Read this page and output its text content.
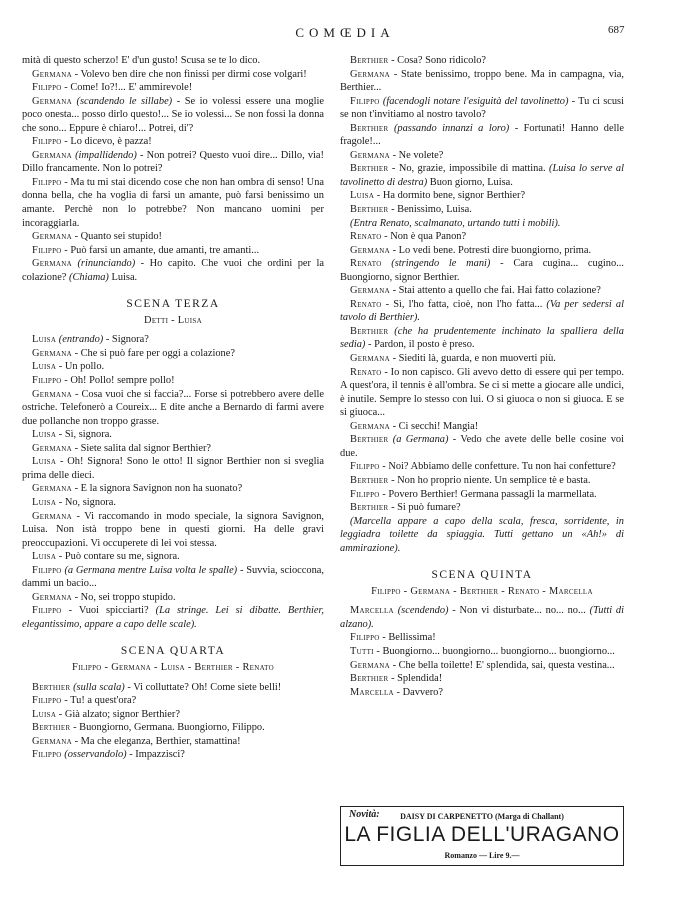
COMŒDIA	687

mità di questo scherzo! E' d'un gusto! Scusa se te lo dico.

Germana - Volevo ben dire che non finissi per dirmi cose volgari!

Filippo - Come! Io?!... E' ammirevole!

Germana (scandendo le sillabe) - Se io volessi essere una moglie poco onesta... posso dirlo questo!... Se io volessi... Se non fossi la donna che sono... Eppure è chiaro!... Potrei, di'?

Filippo - Lo dicevo, è pazza!

Germana (impallidendo) - Non potrei? Questo vuoi dire... Dillo, via! Dillo francamente. Non lo potrei?

Filippo - Ma tu mi stai dicendo cose che non han ombra di senso! Una donna bella, che ha voglia di farsi un amante, può farsi benissimo un amante. Perchè non lo potrebbe? Non mancano uomini per incoraggiarla.

Germana - Quanto sei stupido!

Filippo - Può farsi un amante, due amanti, tre amanti...

Germana (rinunciando) - Ho capito. Che vuoi che ordini per la colazione? (Chiama) Luisa.

SCENA TERZA
Detti - Luisa

Luisa (entrando) - Signora?

Germana - Che si può fare per oggi a colazione?

Luisa - Un pollo.

Filippo - Oh! Pollo! sempre pollo!

Germana - Cosa vuoi che si faccia?... Forse si potrebbero avere delle ostriche. Telefonerò a Coureix... E dite anche a Bernardo di farmi avere due pollanche non troppo grasse.

Luisa - Sì, signora.

Germana - Siete salita dal signor Berthier?

Luisa - Oh! Signora! Sono le otto! Il signor Berthier non si sveglia prima delle dieci.

Germana - E la signora Savignon non ha suonato?

Luisa - No, signora.

Germana - Vi raccomando in modo speciale, la signora Savignon, Luisa. Non istà troppo bene in questi giorni. Ha delle gravi preoccupazioni. Vi occuperete di lei voi stessa.

Luisa - Può contare su me, signora.

Filippo (a Germana mentre Luisa volta le spalle) - Suvvia, scioccona, dammi un bacio...

Germana - No, sei troppo stupido.

Filippo - Vuoi spicciarti? (La stringe. Lei si dibatte. Berthier, elegantissimo, appare a capo delle scale).

SCENA QUARTA
Filippo - Germana - Luisa - Berthier - Renato

Berthier (sulla scala) - Vi colluttate? Oh! Come siete belli!

Filippo - Tu! a quest'ora?

Luisa - Già alzato; signor Berthier?

Berthier - Buongiorno, Germana. Buongiorno, Filippo.

Germana - Ma che eleganza, Berthier, stamattina!

Filippo (osservandolo) - Impazzisci?

Berthier - Cosa? Sono ridicolo?

Germana - State benissimo, troppo bene. Ma in campagna, via, Berthier...

Filippo (facendogli notare l'esiguità del tavolinetto) - Tu ci scusi se non t'invitiamo al nostro tavolo?

Berthier (passando innanzi a loro) - Fortunati! Hanno delle fragole!...

Germana - Ne volete?

Berthier - No, grazie, impossibile di mattina. (Luisa lo serve al tavolinetto di destra) Buon giorno, Luisa.

Luisa - Ha dormito bene, signor Berthier?

Berthier - Benissimo, Luisa.

(Entra Renato, scalmanato, urtando tutti i mobili).

Renato - Non è qua Panon?

Germana - Lo vedi bene. Potresti dire buongiorno, prima.

Renato (stringendo le mani) - Cara cugina... cugino... Buongiorno, signor Berthier.

Germana - Stai attento a quello che fai. Hai fatto colazione?

Renato - Sì, l'ho fatta, cioè, non l'ho fatta... (Va per sedersi al tavolo di Berthier).

Berthier (che ha prudentemente inchinato la spalliera della sedia) - Pardon, il posto è preso.

Germana - Siediti là, guarda, e non muoverti più.

Renato - Io non capisco. Gli avevo detto di essere qui per tempo. A quest'ora, il tennis è all'ombra. Se ci si mette a giocare alle undici, è inutile. Sempre lo stesso con lui. O si giuoca o non si giuoca. E se si giuoca...

Germana - Ci secchi! Mangia!

Berthier (a Germana) - Vedo che avete delle belle cosine voi due.

Filippo - Noi? Abbiamo delle confetture. Tu non hai confetture?

Berthier - Non ho proprio niente. Un semplice tè e basta.

Filippo - Povero Berthier! Germana passagli la marmellata.

Berthier - Si può fumare?

(Marcella appare a capo della scala, fresca, sorridente, in leggiadra toilette da spiaggia. Tutti gettano un «Ah!» di ammirazione).

SCENA QUINTA
Filippo - Germana - Berthier - Renato - Marcella

Marcella (scendendo) - Non vi disturbate... no... no... (Tutti di alzano).

Filippo - Bellissima!

Tutti - Buongiorno... buongiorno... buongiorno... buongiorno...

Germana - Che bella toilette! E' splendida, sai, questa vestina...

Berthier - Splendida!

Marcella - Davvero?

Novità:	DAISY DI CARPENETTO (Marga di Challant)
LA FIGLIA DELL'URAGANO
Romanzo — Lire 9.—
